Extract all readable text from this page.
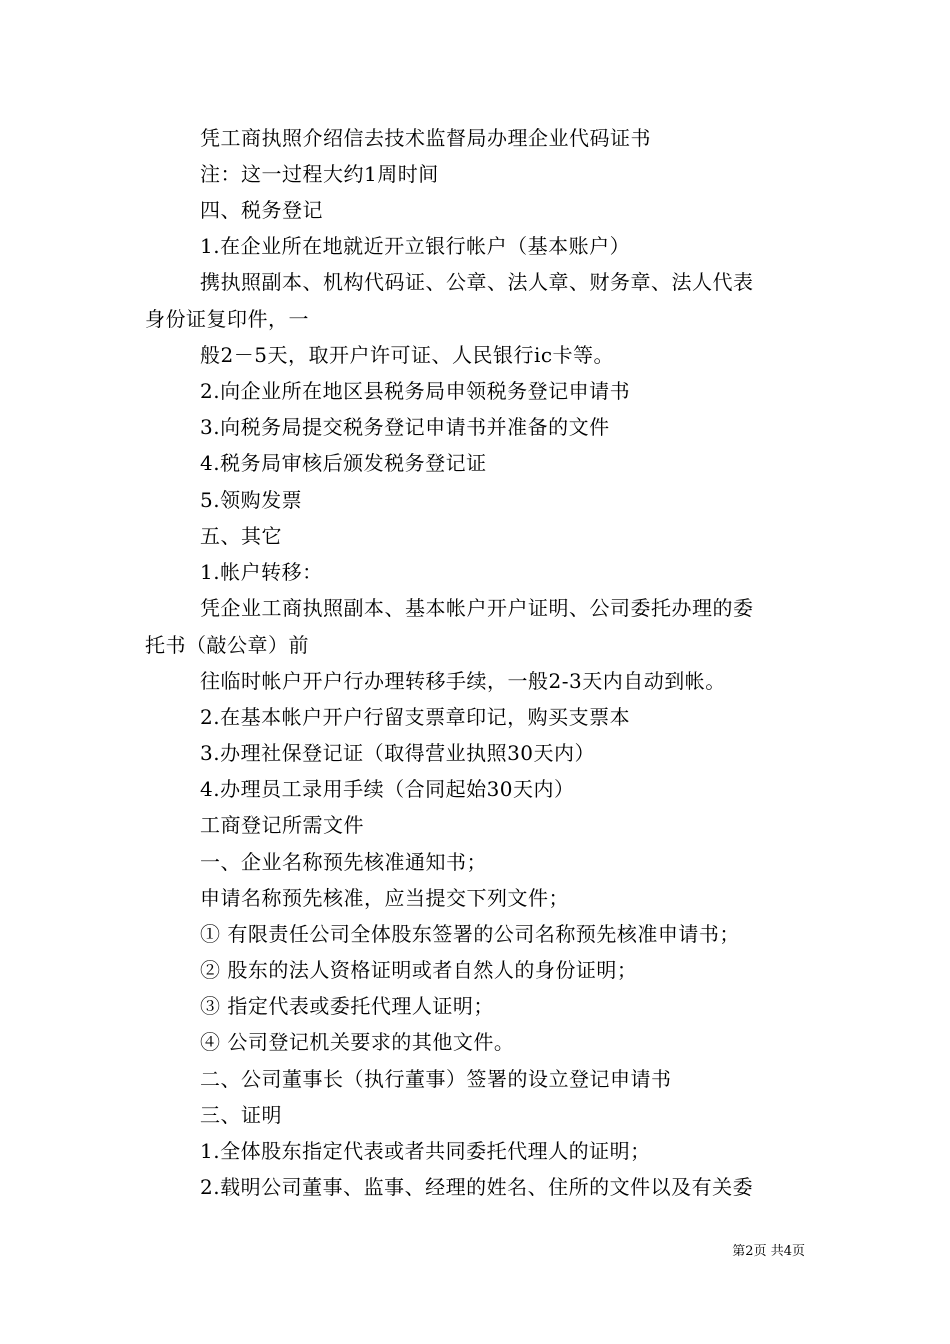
凭工商执照介绍信去技术监督局办理企业代码证书
注：这一过程大约1周时间
四、税务登记
1.在企业所在地就近开立银行帐户（基本账户）
携执照副本、机构代码证、公章、法人章、财务章、法人代表
身份证复印件，一
般2－5天，取开户许可证、人民银行ic卡等。
2.向企业所在地区县税务局申领税务登记申请书
3.向税务局提交税务登记申请书并准备的文件
4.税务局审核后颁发税务登记证
5.领购发票
五、其它
1.帐户转移：
凭企业工商执照副本、基本帐户开户证明、公司委托办理的委
托书（敲公章）前
往临时帐户开户行办理转移手续，一般2-3天内自动到帐。
2.在基本帐户开户行留支票章印记，购买支票本
3.办理社保登记证（取得营业执照30天内）
4.办理员工录用手续（合同起始30天内）
工商登记所需文件
一、企业名称预先核准通知书；
申请名称预先核准，应当提交下列文件；
① 有限责任公司全体股东签署的公司名称预先核准申请书；
② 股东的法人资格证明或者自然人的身份证明；
③ 指定代表或委托代理人证明；
④ 公司登记机关要求的其他文件。
二、公司董事长（执行董事）签署的设立登记申请书
三、证明
1.全体股东指定代表或者共同委托代理人的证明；
2.载明公司董事、监事、经理的姓名、住所的文件以及有关委
第2页 共4页
